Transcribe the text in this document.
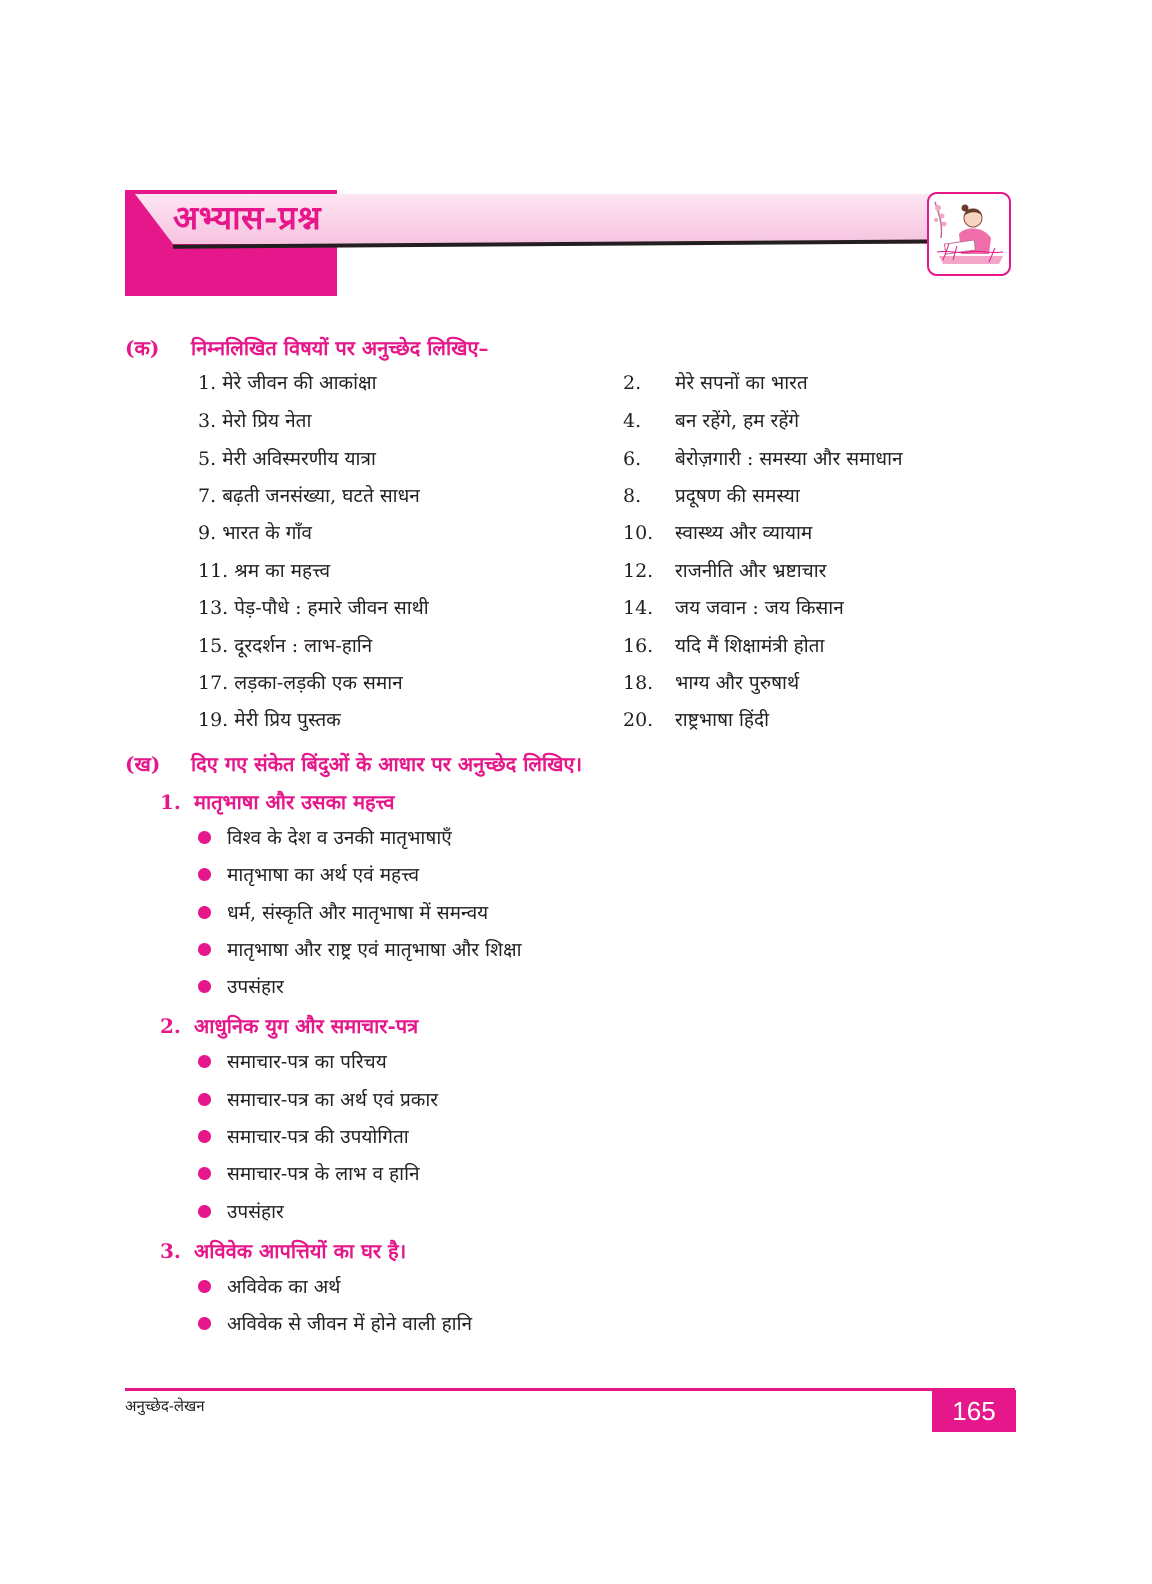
अभ्यास-प्रश्न
(क) निम्नलिखित विषयों पर अनुच्छेद लिखिए–
1. मेरे जीवन की आकांक्षा	2. मेरे सपनों का भारत
3. मेरो प्रिय नेता	4. बन रहेंगे, हम रहेंगे
5. मेरी अविस्मरणीय यात्रा	6. बेरोज़गारी : समस्या और समाधान
7. बढ़ती जनसंख्या, घटते साधन	8. प्रदूषण की समस्या
9. भारत के गाँव	10. स्वास्थ्य और व्यायाम
11. श्रम का महत्त्व	12. राजनीति और भ्रष्टाचार
13. पेड़-पौधे : हमारे जीवन साथी	14. जय जवान : जय किसान
15. दूरदर्शन : लाभ-हानि	16. यदि मैं शिक्षामंत्री होता
17. लड़का-लड़की एक समान	18. भाग्य और पुरुषार्थ
19. मेरी प्रिय पुस्तक	20. राष्ट्रभाषा हिंदी
(ख) दिए गए संकेत बिंदुओं के आधार पर अनुच्छेद लिखिए।
1. मातृभाषा और उसका महत्त्व
विश्व के देश व उनकी मातृभाषाएँ
मातृभाषा का अर्थ एवं महत्त्व
धर्म, संस्कृति और मातृभाषा में समन्वय
मातृभाषा और राष्ट्र एवं मातृभाषा और शिक्षा
उपसंहार
2. आधुनिक युग और समाचार-पत्र
समाचार-पत्र का परिचय
समाचार-पत्र का अर्थ एवं प्रकार
समाचार-पत्र की उपयोगिता
समाचार-पत्र के लाभ व हानि
उपसंहार
3. अविवेक आपत्तियों का घर है।
अविवेक का अर्थ
अविवेक से जीवन में होने वाली हानि
अनुच्छेद-लेखन	165
